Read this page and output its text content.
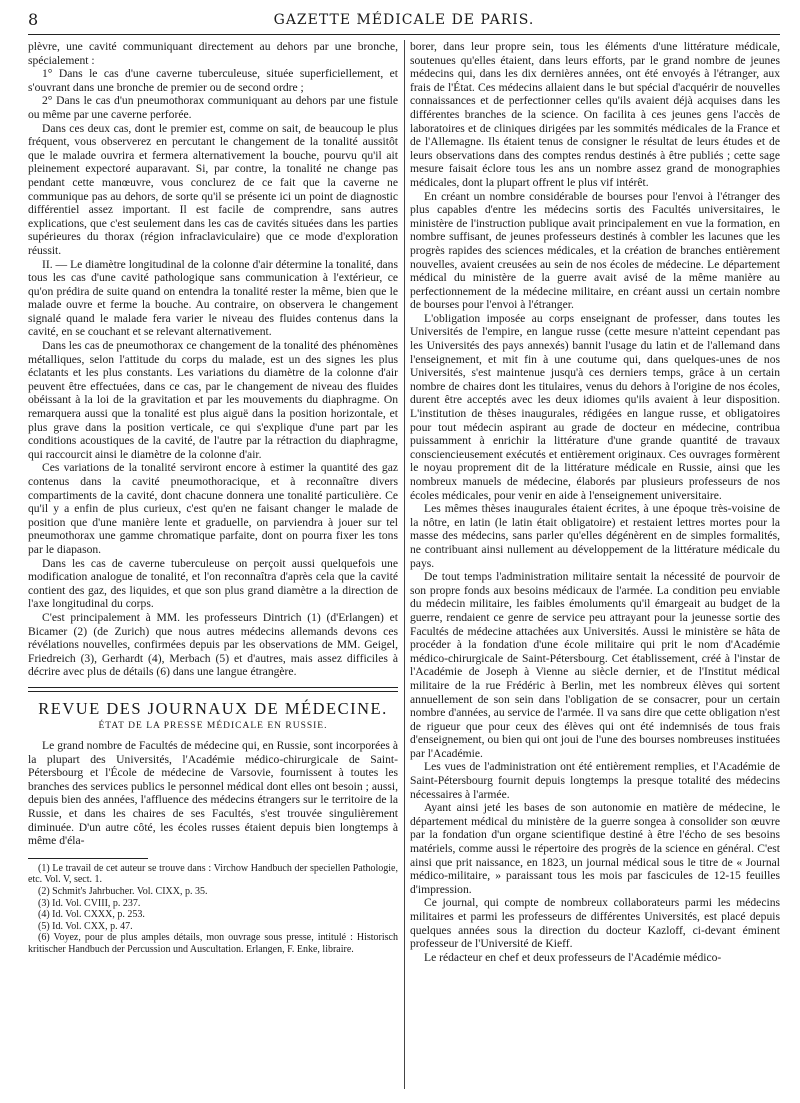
8	GAZETTE MÉDICALE DE PARIS.

plèvre, une cavité communiquant directement au dehors par une bronche, spécialement :

1° Dans le cas d'une caverne tuberculeuse, située superficiellement, et s'ouvrant dans une bronche de premier ou de second ordre ;

2° Dans le cas d'un pneumothorax communiquant au dehors par une fistule ou même par une caverne perforée.

Dans ces deux cas, dont le premier est, comme on sait, de beaucoup le plus fréquent, vous observerez en percutant le changement de la tonalité aussitôt que le malade ouvrira et fermera alternativement la bouche, pourvu qu'il ait pleinement expectoré auparavant. Si, par contre, la tonalité ne change pas pendant cette manœuvre, vous conclurez de ce fait que la caverne ne communique pas au dehors, de sorte qu'il se présente ici un point de diagnostic différentiel assez important. Il est facile de comprendre, sans autres explications, que c'est seulement dans les cas de cavités situées dans les parties supérieures du thorax (région infraclaviculaire) que ce mode d'exploration réussit.

II. — Le diamètre longitudinal de la colonne d'air détermine la tonalité, dans tous les cas d'une cavité pathologique sans communication à l'extérieur, ce qu'on prédira de suite quand on entendra la tonalité rester la même, bien que le malade ouvre et ferme la bouche. Au contraire, on observera le changement signalé quand le malade fera varier le niveau des fluides contenus dans la cavité, en se couchant et se relevant alternativement.

Dans les cas de pneumothorax ce changement de la tonalité des phénomènes métalliques, selon l'attitude du corps du malade, est un des signes les plus éclatants et les plus constants. Les variations du diamètre de la colonne d'air peuvent être effectuées, dans ce cas, par le changement de niveau des fluides obéissant à la loi de la gravitation et par les mouvements du diaphragme. On remarquera aussi que la tonalité est plus aiguë dans la position horizontale, et plus grave dans la position verticale, ce qui s'explique d'une part par les conditions acoustiques de la cavité, de l'autre par la rétraction du diaphragme, qui raccourcit ainsi le diamètre de la colonne d'air.

Ces variations de la tonalité serviront encore à estimer la quantité des gaz contenus dans la cavité pneumothoracique, et à reconnaître divers compartiments de la cavité, dont chacune donnera une tonalité particulière. Ce qu'il y a enfin de plus curieux, c'est qu'en ne faisant changer le malade de position que d'une manière lente et graduelle, on parviendra à jouer sur tel pneumothorax une gamme chromatique parfaite, dont on pourra fixer les tons par le diapason.

Dans les cas de caverne tuberculeuse on perçoit aussi quelquefois une modification analogue de tonalité, et l'on reconnaîtra d'après cela que la cavité contient des gaz, des liquides, et que son plus grand diamètre a la direction de l'axe longitudinal du corps.

C'est principalement à MM. les professeurs Dintrich (1) (d'Erlangen) et Bicamer (2) (de Zurich) que nous autres médecins allemands devons ces révélations nouvelles, confirmées depuis par les observations de MM. Geigel, Friedreich (3), Gerhardt (4), Merbach (5) et d'autres, mais assez difficiles à décrire avec plus de détails (6) dans une langue étrangère.

REVUE DES JOURNAUX DE MÉDECINE.
ÉTAT DE LA PRESSE MÉDICALE EN RUSSIE.

Le grand nombre de Facultés de médecine qui, en Russie, sont incorporées à la plupart des Universités, l'Académie médico-chirurgicale de Saint-Pétersbourg et l'École de médecine de Varsovie, fournissent à toutes les branches des services publics le personnel médical dont elles ont besoin ; aussi, depuis bien des années, l'affluence des médecins étrangers sur le territoire de la Russie, et dans les chaires de ses Facultés, s'est trouvée singulièrement diminuée. D'un autre côté, les écoles russes étaient depuis bien longtemps à même d'éla-

(1) Le travail de cet auteur se trouve dans : Virchow Handbuch der speciellen Pathologie, etc. Vol. V, sect. 1.

(2) Schmit's Jahrbucher. Vol. CIXX, p. 35.

(3) Id. Vol. CVIII, p. 237.

(4) Id. Vol. CXXX, p. 253.

(5) Id. Vol. CXX, p. 47.

(6) Voyez, pour de plus amples détails, mon ouvrage sous presse, intitulé : Historisch kritischer Handbuch der Percussion und Auscultation. Erlangen, F. Enke, libraire.

borer, dans leur propre sein, tous les éléments d'une littérature médicale, soutenues qu'elles étaient, dans leurs efforts, par le grand nombre de jeunes médecins qui, dans les dix dernières années, ont été envoyés à l'étranger, aux frais de l'État. Ces médecins allaient dans le but spécial d'acquérir de nouvelles connaissances et de perfectionner celles qu'ils avaient déjà acquises dans les différentes branches de la science. On facilita à ces jeunes gens l'accès de laboratoires et de cliniques dirigées par les sommités médicales de la France et de l'Allemagne. Ils étaient tenus de consigner le résultat de leurs études et de leurs observations dans des comptes rendus destinés à être publiés ; cette sage mesure faisait éclore tous les ans un nombre assez grand de monographies médicales, dont la plupart offrent le plus vif intérêt.

En créant un nombre considérable de bourses pour l'envoi à l'étranger des plus capables d'entre les médecins sortis des Facultés universitaires, le ministère de l'instruction publique avait principalement en vue la formation, en nombre suffisant, de jeunes professeurs destinés à combler les lacunes que les progrès rapides des sciences médicales, et la création de branches entièrement nouvelles, avaient creusées au sein de nos écoles de médecine. Le département médical du ministère de la guerre avait avisé de la même manière au perfectionnement de la médecine militaire, en créant aussi un certain nombre de bourses pour l'envoi à l'étranger.

L'obligation imposée au corps enseignant de professer, dans toutes les Universités de l'empire, en langue russe (cette mesure n'atteint cependant pas les Universités des pays annexés) bannit l'usage du latin et de l'allemand dans l'enseignement, et mit fin à une coutume qui, dans quelques-unes de nos Universités, s'est maintenue jusqu'à ces derniers temps, grâce à un certain nombre de chaires dont les titulaires, venus du dehors à l'origine de nos écoles, durent être acceptés avec les deux idiomes qu'ils avaient à leur disposition. L'institution de thèses inaugurales, rédigées en langue russe, et obligatoires pour tout médecin aspirant au grade de docteur en médecine, contribua puissamment à enrichir la littérature d'une grande quantité de travaux consciencieusement exécutés et entièrement originaux. Ces ouvrages formèrent le noyau proprement dit de la littérature médicale en Russie, ainsi que les nombreux manuels de médecine, élaborés par plusieurs professeurs de nos écoles médicales, pour venir en aide à l'enseignement universitaire.

Les mêmes thèses inaugurales étaient écrites, à une époque très-voisine de la nôtre, en latin (le latin était obligatoire) et restaient lettres mortes pour la masse des médecins, sans parler qu'elles dégénèrent en de simples formalités, ne contribuant ainsi nullement au développement de la littérature médicale du pays.

De tout temps l'administration militaire sentait la nécessité de pourvoir de son propre fonds aux besoins médicaux de l'armée. La condition peu enviable du médecin militaire, les faibles émoluments qu'il émargeait au budget de la guerre, rendaient ce genre de service peu attrayant pour la jeunesse sortie des Facultés de médecine attachées aux Universités. Aussi le ministère se hâta de procéder à la fondation d'une école militaire qui prit le nom d'Académie médico-chirurgicale de Saint-Pétersbourg. Cet établissement, créé à l'instar de l'Académie de Joseph à Vienne au siècle dernier, et de l'Institut médical militaire de la rue Frédéric à Berlin, met les nombreux élèves qui sortent annuellement de son sein dans l'obligation de se consacrer, pour un certain nombre d'années, au service de l'armée. Il va sans dire que cette obligation n'est de rigueur que pour ceux des élèves qui ont été indemnisés de tous frais d'enseignement, ou bien qui ont joui de l'une des bourses nombreuses instituées par l'Académie.

Les vues de l'administration ont été entièrement remplies, et l'Académie de Saint-Pétersbourg fournit depuis longtemps la presque totalité des médecins nécessaires à l'armée.

Ayant ainsi jeté les bases de son autonomie en matière de médecine, le département médical du ministère de la guerre songea à consolider son œuvre par la fondation d'un organe scientifique destiné à être l'écho de ses besoins matériels, comme aussi le répertoire des progrès de la science en général. C'est ainsi que prit naissance, en 1823, un journal médical sous le titre de « Journal médico-militaire, » paraissant tous les mois par fascicules de 12-15 feuilles d'impression.

Ce journal, qui compte de nombreux collaborateurs parmi les médecins militaires et parmi les professeurs de différentes Universités, est placé depuis quelques années sous la direction du docteur Kazloff, ci-devant éminent professeur de l'Université de Kieff.

Le rédacteur en chef et deux professeurs de l'Académie médico-
